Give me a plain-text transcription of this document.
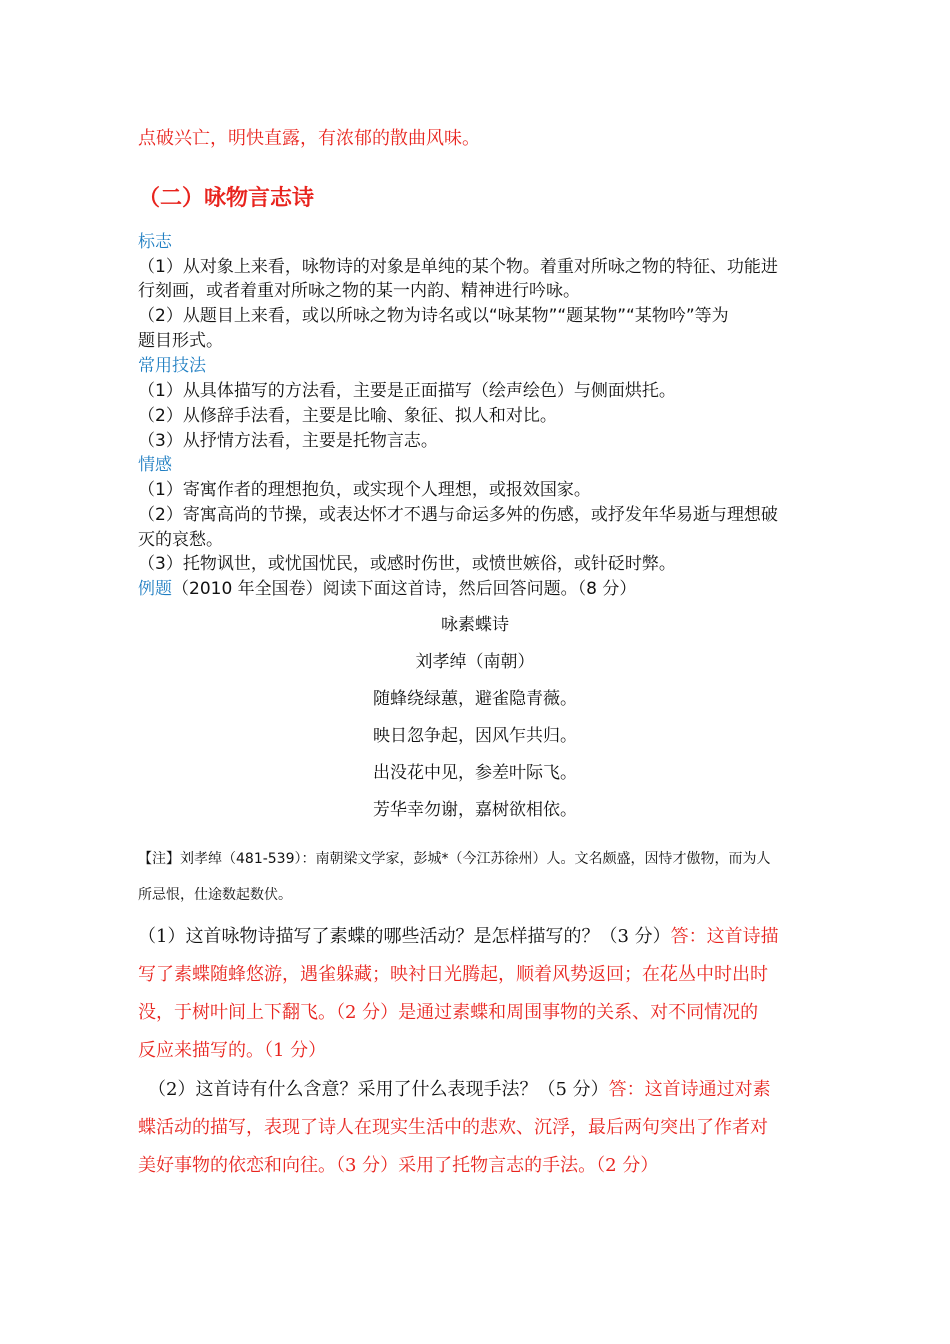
点破兴亡，明快直露，有浓郁的散曲风味。
（二）咏物言志诗
标志
（1）从对象上来看，咏物诗的对象是单纯的某个物。着重对所咏之物的特征、功能进
行刻画，或者着重对所咏之物的某一内韵、精神进行吟咏。
（2）从题目上来看，或以所咏之物为诗名或以“咏某物”“题某物”“某物吟”等为
题目形式。
常用技法
（1）从具体描写的方法看，主要是正面描写（绘声绘色）与侧面烘托。
（2）从修辞手法看，主要是比喻、象征、拟人和对比。
（3）从抒情方法看，主要是托物言志。
情感
（1）寄寓作者的理想抱负，或实现个人理想，或报效国家。
（2）寄寓高尚的节操，或表达怀才不遇与命运多舛的伤感，或抒发年华易逝与理想破
灭的哀愁。
（3）托物讽世，或忧国忧民，或感时伤世，或愤世嫉俗，或针砭时弊。
例题（2010 年全国卷）阅读下面这首诗，然后回答问题。（8 分）
咏素蝶诗
刘孝绰（南朝）
随蜂绕绿蕙，避雀隐青薇。
映日忽争起，因风乍共归。
出没花中见，参差叶际飞。
芳华幸勿谢，嘉树欲相依。
【注】刘孝绰（481-539）：南朝梁文学家，彭城*（今江苏徐州）人。文名颇盛，因恃才傲物，而为人
所忌恨，仕途数起数伏。
（1）这首咏物诗描写了素蝶的哪些活动？是怎样描写的？（3 分）答：这首诗描
写了素蝶随蜂悠游，遇雀躲藏；映衬日光腾起，顺着风势返回；在花丛中时出时
没，于树叶间上下翻飞。（2 分）是通过素蝶和周围事物的关系、对不同情况的
反应来描写的。（1 分）
（2）这首诗有什么含意？采用了什么表现手法？（5 分）答：这首诗通过对素
蝶活动的描写，表现了诗人在现实生活中的悲欢、沉浮，最后两句突出了作者对
美好事物的依恋和向往。（3 分）采用了托物言志的手法。（2 分）
